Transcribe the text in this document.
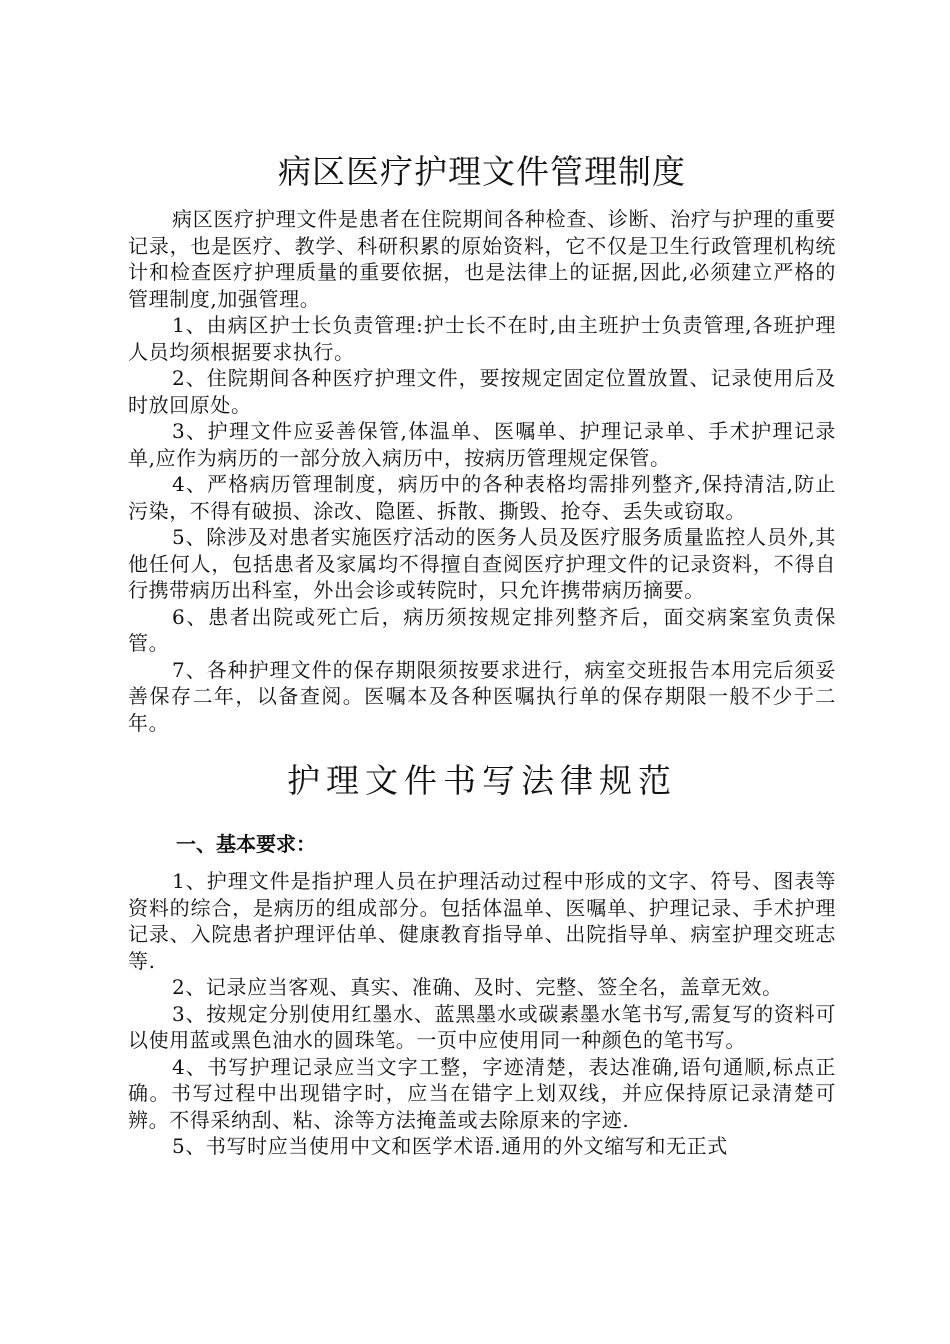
病区医疗护理文件管理制度

病区医疗护理文件是患者在住院期间各种检查、诊断、治疗与护理的重要记录，也是医疗、教学、科研积累的原始资料，它不仅是卫生行政管理机构统计和检查医疗护理质量的重要依据，也是法律上的证据,因此,必须建立严格的管理制度,加强管理。

1、由病区护士长负责管理:护士长不在时,由主班护士负责管理,各班护理人员均须根据要求执行。

2、住院期间各种医疗护理文件，要按规定固定位置放置、记录使用后及时放回原处。

3、护理文件应妥善保管,体温单、医嘱单、护理记录单、手术护理记录单,应作为病历的一部分放入病历中，按病历管理规定保管。

4、严格病历管理制度，病历中的各种表格均需排列整齐,保持清洁,防止污染，不得有破损、涂改、隐匿、拆散、撕毁、抢夺、丢失或窃取。

5、除涉及对患者实施医疗活动的医务人员及医疗服务质量监控人员外,其他任何人，包括患者及家属均不得擅自查阅医疗护理文件的记录资料，不得自行携带病历出科室，外出会诊或转院时，只允许携带病历摘要。

6、患者出院或死亡后，病历须按规定排列整齐后，面交病案室负责保管。

7、各种护理文件的保存期限须按要求进行，病室交班报告本用完后须妥善保存二年，以备查阅。医嘱本及各种医嘱执行单的保存期限一般不少于二年。

护理文件书写法律规范
一、基本要求：

1、护理文件是指护理人员在护理活动过程中形成的文字、符号、图表等资料的综合，是病历的组成部分。包括体温单、医嘱单、护理记录、手术护理记录、入院患者护理评估单、健康教育指导单、出院指导单、病室护理交班志等.

2、记录应当客观、真实、准确、及时、完整、签全名，盖章无效。

3、按规定分别使用红墨水、蓝黑墨水或碳素墨水笔书写,需复写的资料可以使用蓝或黑色油水的圆珠笔。一页中应使用同一种颜色的笔书写。

4、书写护理记录应当文字工整，字迹清楚，表达准确,语句通顺,标点正确。书写过程中出现错字时，应当在错字上划双线，并应保持原记录清楚可辨。不得采纳刮、粘、涂等方法掩盖或去除原来的字迹.

5、书写时应当使用中文和医学术语.通用的外文缩写和无正式
